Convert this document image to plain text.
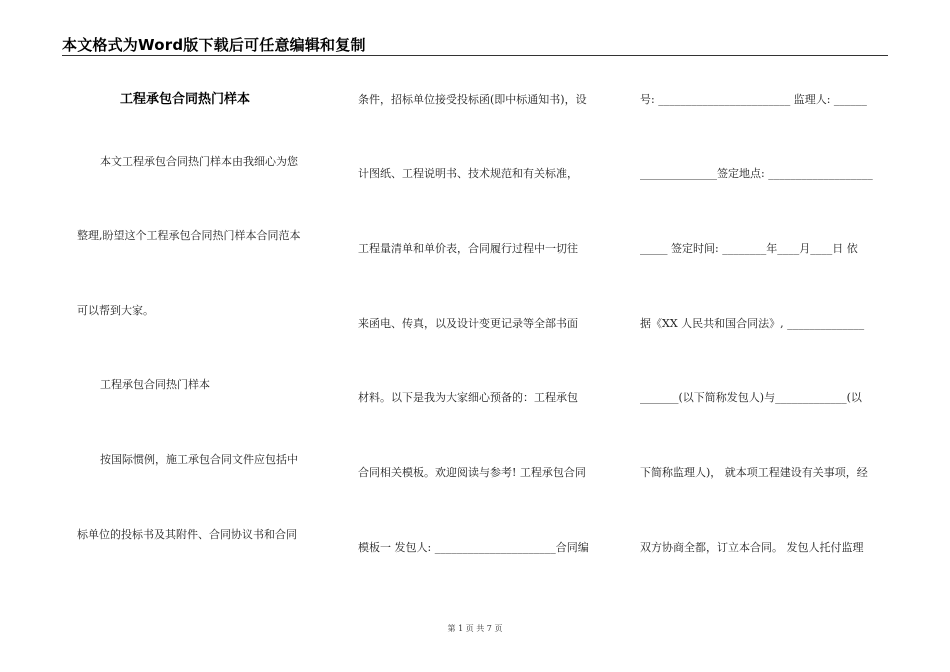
本文格式为Word版下载后可任意编辑和复制
工程承包合同热门样本
本文工程承包合同热门样本由我细心为您
整理,盼望这个工程承包合同热门样本合同范本
可以帮到大家。
工程承包合同热门样本
按国际惯例，施工承包合同文件应包括中
标单位的投标书及其附件、合同协议书和合同
条件，招标单位接受投标函(即中标通知书)，设
计图纸、工程说明书、技术规范和有关标准，
工程量清单和单价表，合同履行过程中一切往
来函电、传真，以及设计变更记录等全部书面
材料。以下是我为大家细心预备的：工程承包
合同相关模板。欢迎阅读与参考! 工程承包合同
模板一 发包人: ______________________合同编
号: ________________________ 监理人: ______
______________签定地点: ___________________
_____ 签定时间: ________年____月____日 依
据《XX 人民共和国合同法》, ______________
_______(以下简称发包人)与_____________(以
下简称监理人)， 就本项工程建设有关事项，经
双方协商全都，订立本合同。 发包人托付监理
第 1 页 共 7 页
